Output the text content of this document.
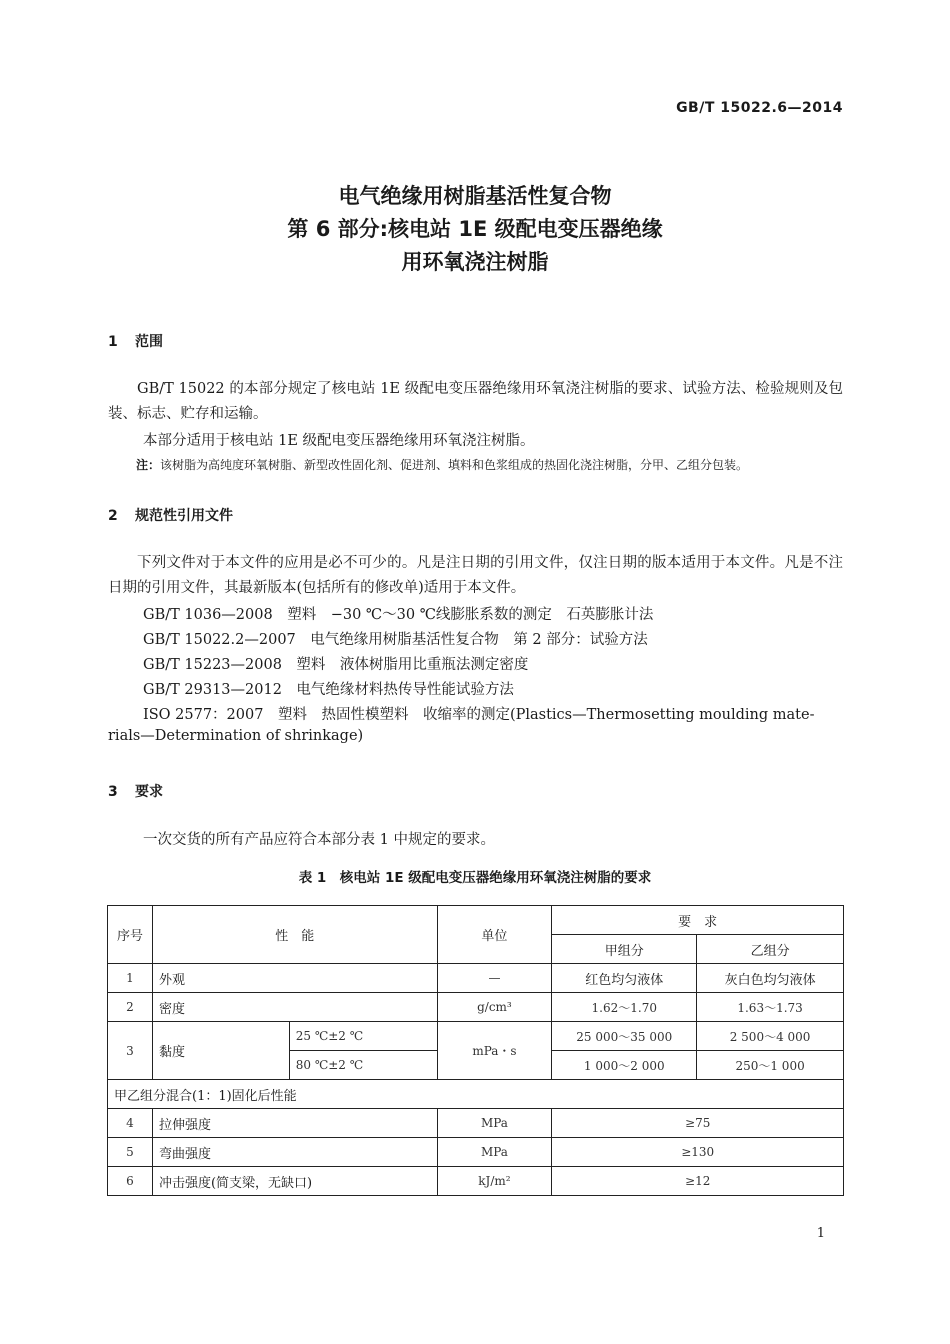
GB/T 15022.6—2014
电气绝缘用树脂基活性复合物
第 6 部分:核电站 1E 级配电变压器绝缘
用环氧浇注树脂
1 范围
GB/T 15022 的本部分规定了核电站 1E 级配电变压器绝缘用环氧浇注树脂的要求、试验方法、检验规则及包装、标志、贮存和运输。
本部分适用于核电站 1E 级配电变压器绝缘用环氧浇注树脂。
注：该树脂为高纯度环氧树脂、新型改性固化剂、促进剂、填料和色浆组成的热固化浇注树脂，分甲、乙组分包装。
2 规范性引用文件
下列文件对于本文件的应用是必不可少的。凡是注日期的引用文件，仅注日期的版本适用于本文件。凡是不注日期的引用文件，其最新版本(包括所有的修改单)适用于本文件。
GB/T 1036—2008　塑料　−30 ℃～30 ℃线膨胀系数的测定　石英膨胀计法
GB/T 15022.2—2007　电气绝缘用树脂基活性复合物　第 2 部分：试验方法
GB/T 15223—2008　塑料　液体树脂用比重瓶法测定密度
GB/T 29313—2012　电气绝缘材料热传导性能试验方法
ISO 2577：2007　塑料　热固性模塑料　收缩率的测定(Plastics—Thermosetting moulding mate-
rials—Determination of shrinkage)
3 要求
一次交货的所有产品应符合本部分表 1 中规定的要求。
表 1　核电站 1E 级配电变压器绝缘用环氧浇注树脂的要求
序号	性　能		单位	要　求	
				甲组分	乙组分
1	外观		—	红色均匀液体	灰白色均匀液体
2	密度		g/cm³	1.62～1.70	1.63～1.73
3	黏度	25 ℃±2 ℃	mPa・s	25 000～35 000	2 500～4 000
		80 ℃±2 ℃		1 000～2 000	250～1 000
甲乙组分混合(1：1)固化后性能					
4	拉伸强度		MPa	≥75	
5	弯曲强度		MPa	≥130	
6	冲击强度(简支梁，无缺口)		kJ/m²	≥12	
1
